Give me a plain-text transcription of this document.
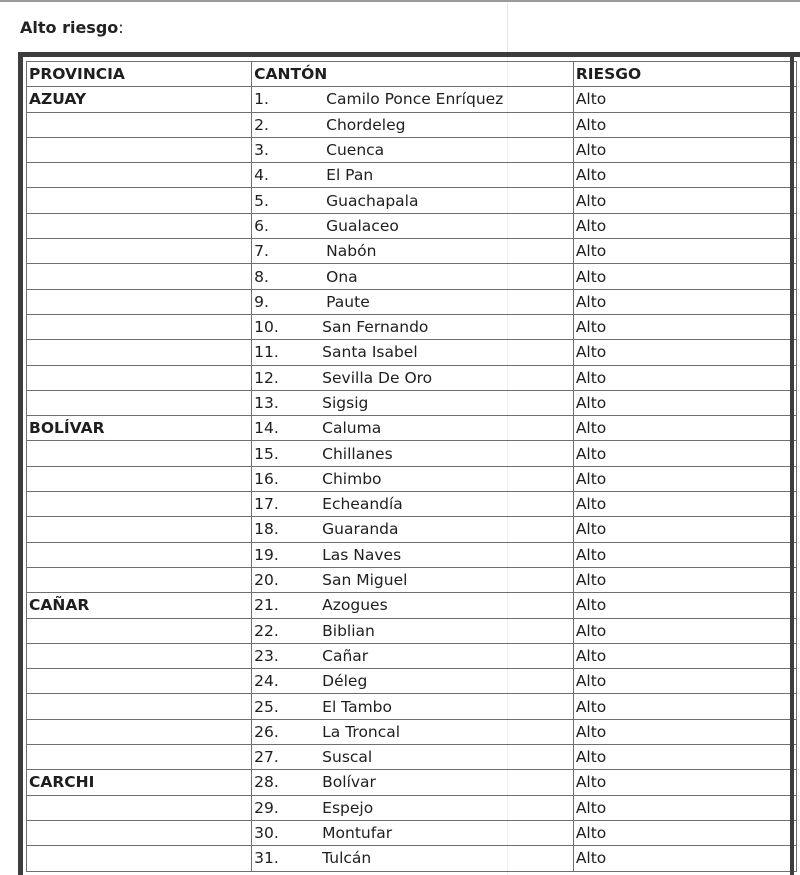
Alto riesgo:
PROVINCIA	CANTÓN	RIESGO
AZUAY	1. Camilo Ponce Enríquez	Alto
	2. Chordeleg	Alto
	3. Cuenca	Alto
	4. El Pan	Alto
	5. Guachapala	Alto
	6. Gualaceo	Alto
	7. Nabón	Alto
	8. Ona	Alto
	9. Paute	Alto
	10. San Fernando	Alto
	11. Santa Isabel	Alto
	12. Sevilla De Oro	Alto
	13. Sigsig	Alto
BOLÍVAR	14. Caluma	Alto
	15. Chillanes	Alto
	16. Chimbo	Alto
	17. Echeandía	Alto
	18. Guaranda	Alto
	19. Las Naves	Alto
	20. San Miguel	Alto
CAÑAR	21. Azogues	Alto
	22. Biblian	Alto
	23. Cañar	Alto
	24. Déleg	Alto
	25. El Tambo	Alto
	26. La Troncal	Alto
	27. Suscal	Alto
CARCHI	28. Bolívar	Alto
	29. Espejo	Alto
	30. Montufar	Alto
	31. Tulcán	Alto
